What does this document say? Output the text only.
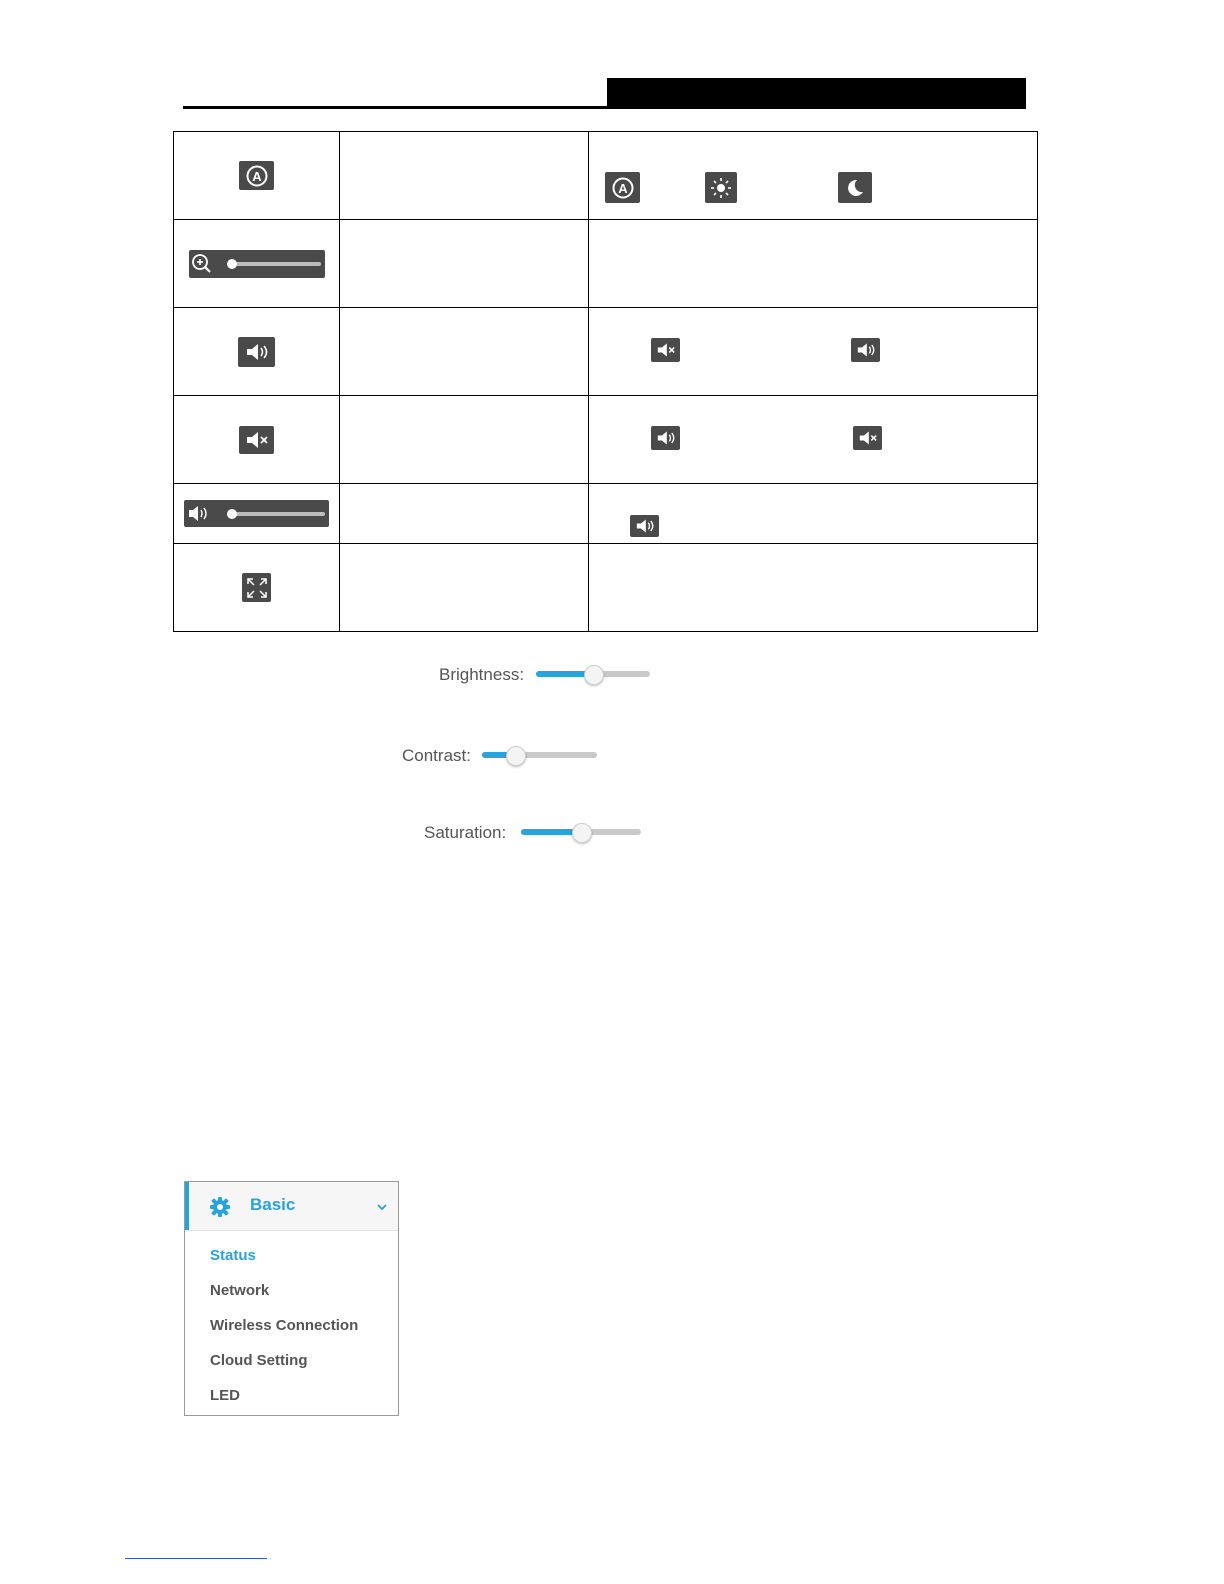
A		A

Brightness:
Contrast:
Saturation:
Basic
Status
Network
Wireless Connection
Cloud Setting
LED
